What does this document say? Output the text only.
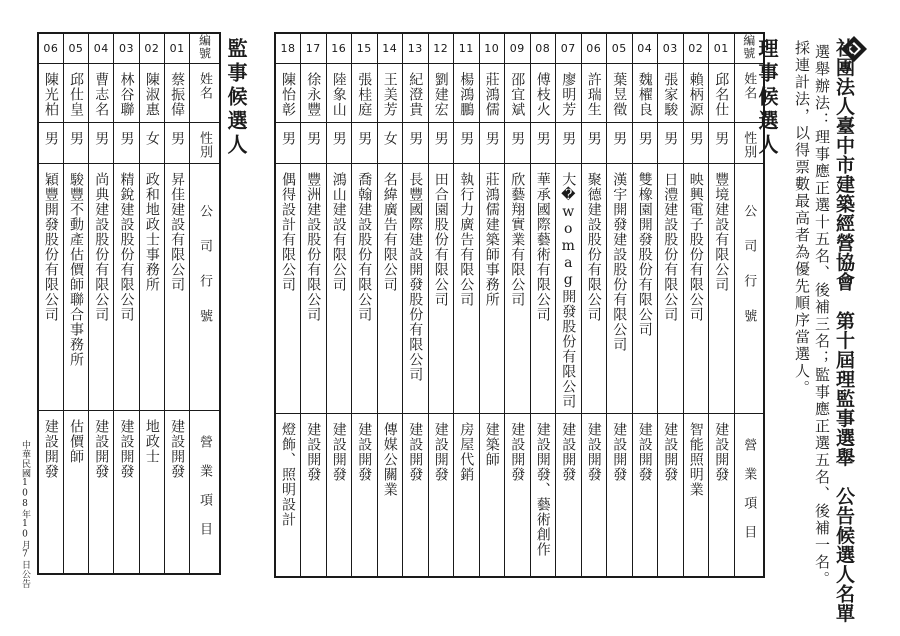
社團法人臺中市建築經營協會　第十屆理監事選舉　公告候選人名單
選舉辦法：理事應正選十五名、後補三名；監事應正選五名、後補一名。
採連計法，以得票數最高者為優先順序當選人。
理事候選人
監事候選人
中華民國108年10月7日公告
18	17	16	15	14	13	12	11	10	09	08	07	06	05	04	03	02	01	編號
陳怡彰	徐永豐	陸象山	張桂庭	王美芳	紀澄貴	劉建宏	楊鴻鵬	莊鴻儒	邵宜斌	傅枝火	廖明芳	許瑞生	葉昱徵	魏櫂良	張家駿	賴柄源	邱名仕	姓名
男	男	男	男	女	男	男	男	男	男	男	男	男	男	男	男	男	男	性別
偶得設計有限公司	豐洲建設股份有限公司	鴻山建設有限公司	喬翰建設股份有限公司	名緯廣告有限公司	長豐國際建設開發股份有限公司	田合園股份有限公司	執行力廣告有限公司	莊鴻儒建築師事務所	欣藝翔實業有限公司	華承國際藝術有限公司	大�womag開發股份有限公司	聚德建設股份有限公司	漢宇開發建設股份有限公司	雙橡園開發股份有限公司	日澧建設股份有限公司	映興電子股份有限公司	豐境建設有限公司	公司行號
燈飾、照明設計	建設開發	建設開發	建設開發	傳媒公關業	建設開發	建設開發	房屋代銷	建築師	建設開發	建設開發、藝術創作	建設開發	建設開發	建設開發	建設開發	建設開發	智能照明業	建設開發	營業項目
06	05	04	03	02	01	編號
陳光柏	邱仕皇	曹志名	林谷聯	陳淑惠	蔡振偉	姓名
男	男	男	男	女	男	性別
穎豐開發股份有限公司	駿豐不動產估價師聯合事務所	尚典建設股份有限公司	精銳建設股份有限公司	政和地政士事務所	昇佳建設有限公司	公司行號
建設開發	估價師	建設開發	建設開發	地政士	建設開發	營業項目
